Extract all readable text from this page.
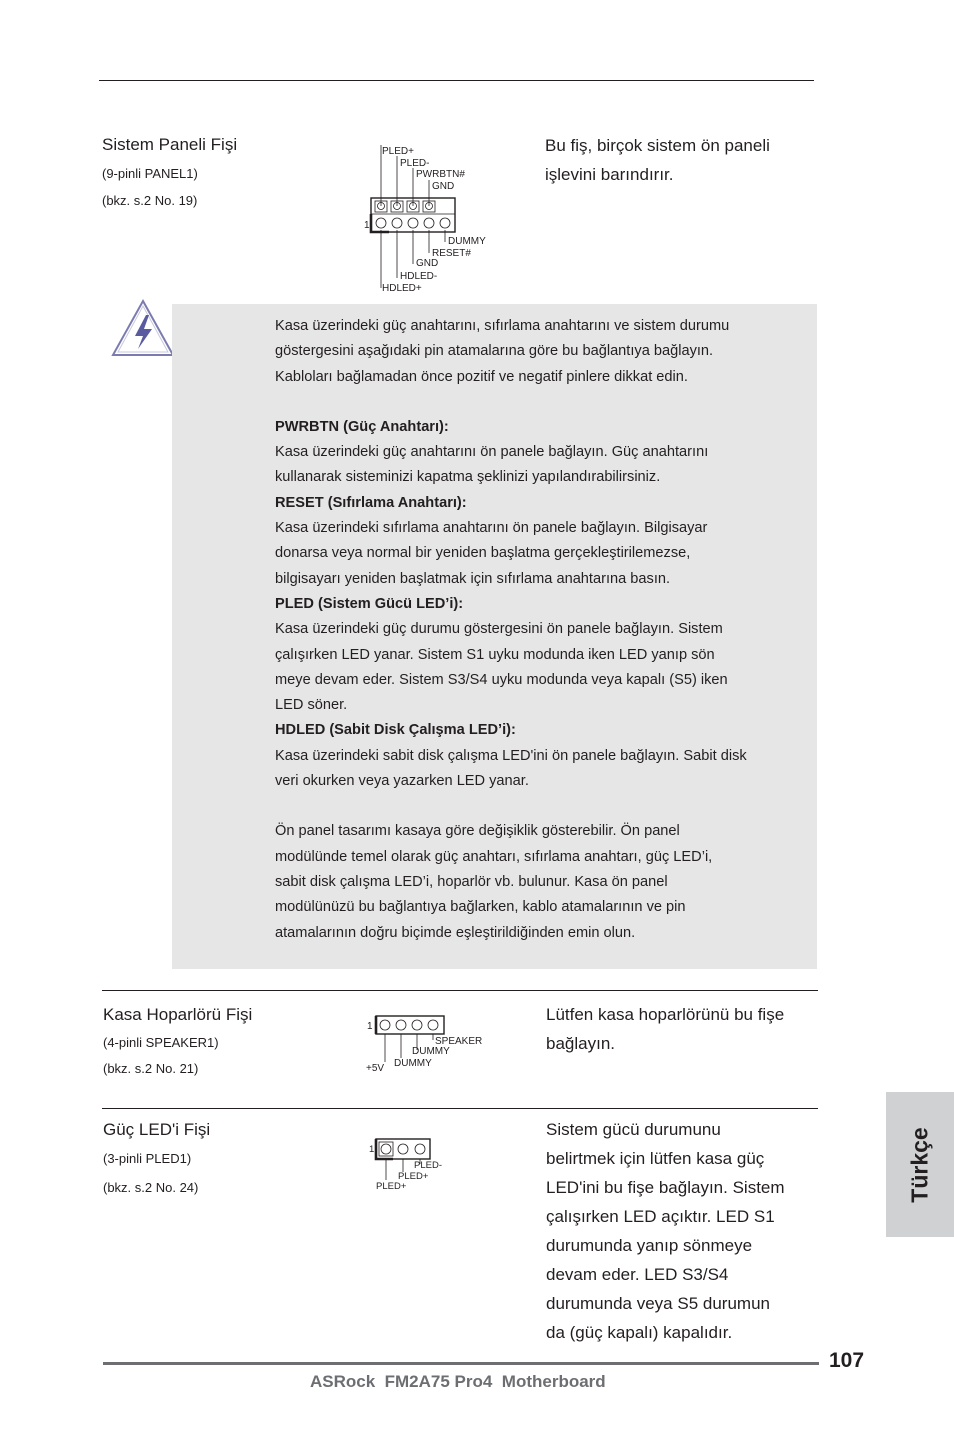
Sistem Paneli Fişi
(9-pinli PANEL1)
(bkz. s.2 No. 19)
Bu fiş, birçok sistem ön paneli
işlevini barındırır.
PLED+
PLED-
PWRBTN#
GND
1
DUMMY
RESET#
GND
HDLED-
HDLED+

Kasa üzerindeki güç anahtarını, sıfırlama anahtarını ve sistem durumu

göstergesini aşağıdaki pin atamalarına göre bu bağlantıya bağlayın.

Kabloları bağlamadan önce pozitif ve negatif pinlere dikkat edin.

PWRBTN (Güç Anahtarı):

Kasa üzerindeki güç anahtarını ön panele bağlayın. Güç anahtarını

kullanarak sisteminizi kapatma şeklinizi yapılandırabilirsiniz.

RESET (Sıfırlama Anahtarı):

Kasa üzerindeki sıfırlama anahtarını ön panele bağlayın. Bilgisayar

donarsa veya normal bir yeniden başlatma gerçekleştirilemezse,

bilgisayarı yeniden başlatmak için sıfırlama anahtarına basın.

PLED (Sistem Gücü LED’i):

Kasa üzerindeki güç durumu göstergesini ön panele bağlayın. Sistem

çalışırken LED yanar. Sistem S1 uyku modunda iken LED yanıp sön

meye devam eder. Sistem S3/S4 uyku modunda veya kapalı (S5) iken

LED söner.

HDLED (Sabit Disk Çalışma LED’i):

Kasa üzerindeki sabit disk çalışma LED'ini ön panele bağlayın. Sabit disk

veri okurken veya yazarken LED yanar.

Ön panel tasarımı kasaya göre değişiklik gösterebilir. Ön panel

modülünde temel olarak güç anahtarı, sıfırlama anahtarı, güç LED’i,

sabit disk çalışma LED’i, hoparlör vb. bulunur. Kasa ön panel

modülünüzü bu bağlantıya bağlarken, kablo atamalarının ve pin

atamalarının doğru biçimde eşleştirildiğinden emin olun.

Kasa Hoparlörü Fişi
(4-pinli SPEAKER1)
(bkz. s.2 No. 21)
Lütfen kasa hoparlörünü bu fişe
bağlayın.
1
SPEAKER
DUMMY
DUMMY
+5V
Güç LED'i Fişi
(3-pinli PLED1)
(bkz. s.2 No. 24)
Sistem gücü durumunu
belirtmek için lütfen kasa güç
LED'ini bu fişe bağlayın. Sistem
çalışırken LED açıktır. LED S1
durumunda yanıp sönmeye
devam eder. LED S3/S4
durumunda veya S5 durumun
da (güç kapalı) kapalıdır.
1
PLED-
PLED+
PLED+	Türkçe
107
ASRock  FM2A75 Pro4  Motherboard
